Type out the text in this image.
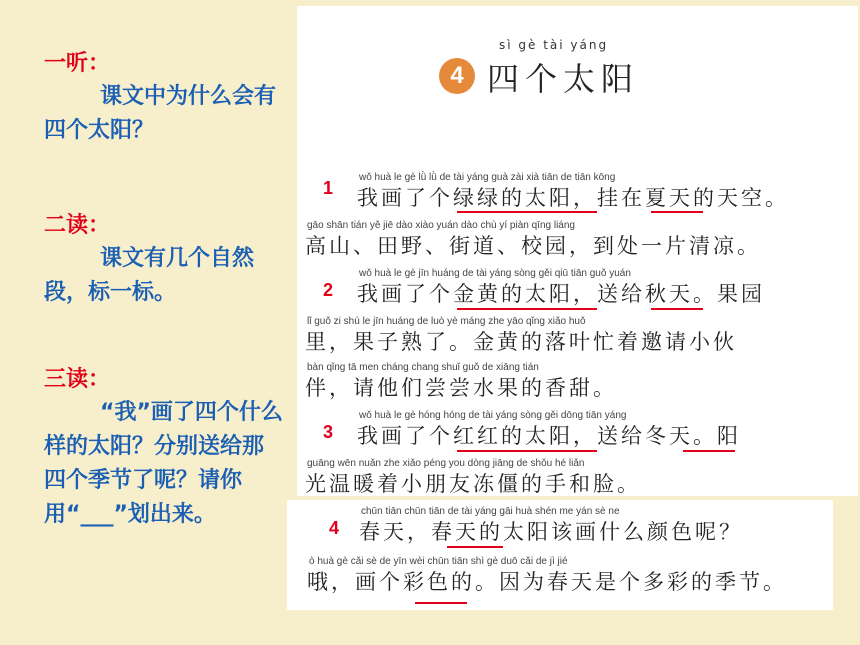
一听：
课文中为什么会有四个太阳？
二读：
课文有几个自然段，标一标。
三读：
“我”画了四个什么样的太阳？分别送给那四个季节了呢？请你用“___”划出来。
sì gè tài yáng
4 四个太阳
1
wǒ huà le gè lǜ lǜ de tài yáng guà zài xià tiān de tiān kōng
我画了个绿绿的太阳，挂在夏天的天空。
gāo shān tián yě jiē dào xiào yuán dào chù yí piàn qīng liáng
高山、田野、街道、校园，到处一片清凉。
2
wǒ huà le gè jīn huáng de tài yáng sòng gěi qiū tiān guǒ yuán
我画了个金黄的太阳，送给秋天。果园
lǐ guǒ zi shú le jīn huáng de luò yè máng zhe yāo qǐng xiǎo huǒ
里，果子熟了。金黄的落叶忙着邀请小伙
bàn qǐng tā men cháng chang shuǐ guǒ de xiāng tián
伴，请他们尝尝水果的香甜。
3
wǒ huà le gè hóng hóng de tài yáng sòng gěi dōng tiān yáng
我画了个红红的太阳，送给冬天。阳
guāng wēn nuǎn zhe xiǎo péng you dòng jiāng de shǒu hé liǎn
光温暖着小朋友冻僵的手和脸。
4
chūn tiān chūn tiān de tài yáng gāi huà shén me yán sè ne
春天，春天的太阳该画什么颜色呢？
ò huà gè cǎi sè de yīn wèi chūn tiān shì gè duō cǎi de jì jié
哦，画个彩色的。因为春天是个多彩的季节。
